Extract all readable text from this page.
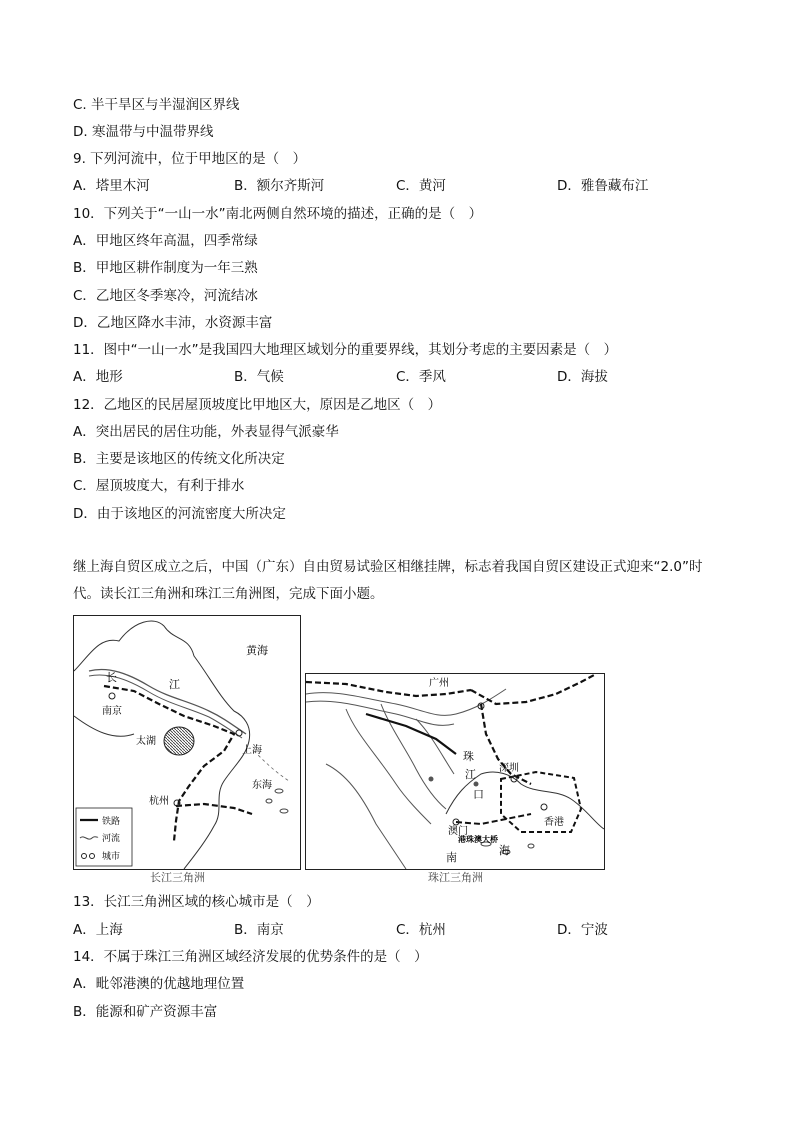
C. 半干旱区与半湿润区界线
D. 寒温带与中温带界线
9. 下列河流中，位于甲地区的是（　）
A．塔里木河	B．额尔齐斯河	C．黄河	D．雅鲁藏布江
10．下列关于“一山一水”南北两侧自然环境的描述，正确的是（　）
A．甲地区终年高温，四季常绿
B．甲地区耕作制度为一年三熟
C．乙地区冬季寒冷，河流结冰
D．乙地区降水丰沛，水资源丰富
11．图中“一山一水”是我国四大地理区域划分的重要界线，其划分考虑的主要因素是（　）
A．地形	B．气候	C．季风	D．海拔
12．乙地区的民居屋顶坡度比甲地区大，原因是乙地区（　）
A．突出居民的居住功能，外表显得气派豪华
B．主要是该地区的传统文化所决定
C．屋顶坡度大，有利于排水
D．由于该地区的河流密度大所决定
继上海自贸区成立之后，中国（广东）自由贸易试验区相继挂牌，标志着我国自贸区建设正式迎来“2.0”时代。读长江三角洲和珠江三角洲图，完成下面小题。
黄海
长
江
南京
太湖
上海
东海
杭州
铁路
河流
城市
长江三角洲
广州
珠
江
口
深圳
香港
澳门
港珠澳大桥
南
海
珠江三角洲
13．长江三角洲区域的核心城市是（　）
A．上海	B．南京	C．杭州	D．宁波
14．不属于珠江三角洲区域经济发展的优势条件的是（　）
A．毗邻港澳的优越地理位置
B．能源和矿产资源丰富
